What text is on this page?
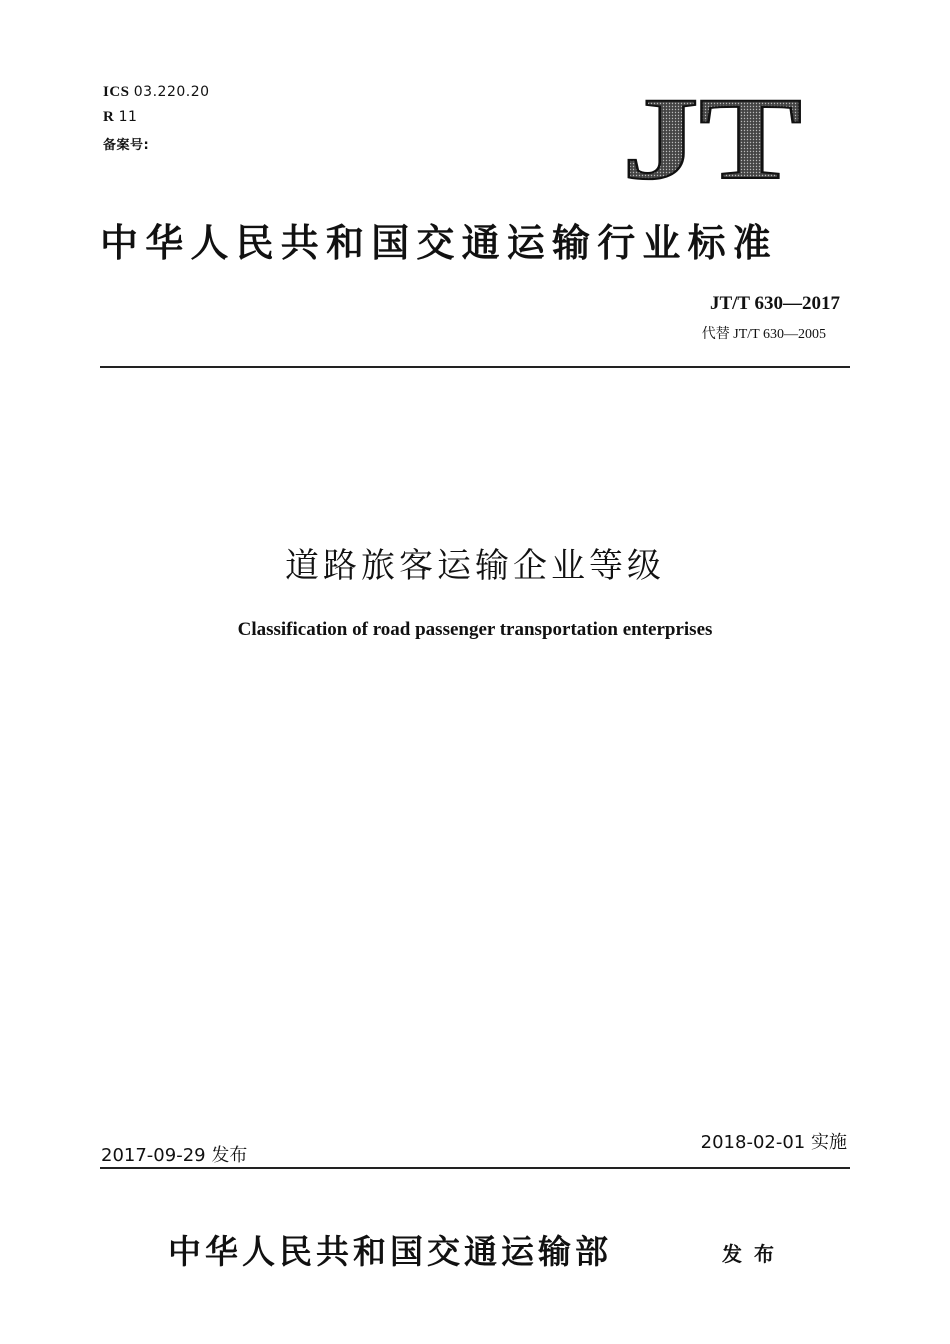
ICS 03.220.20
R 11
备案号:	JT
中华人民共和国交通运输行业标准
JT/T 630—2017
代替 JT/T 630—2005
道路旅客运输企业等级
Classification of road passenger transportation enterprises
2017-09-29 发布
2018-02-01 实施
中华人民共和国交通运输部	发布
